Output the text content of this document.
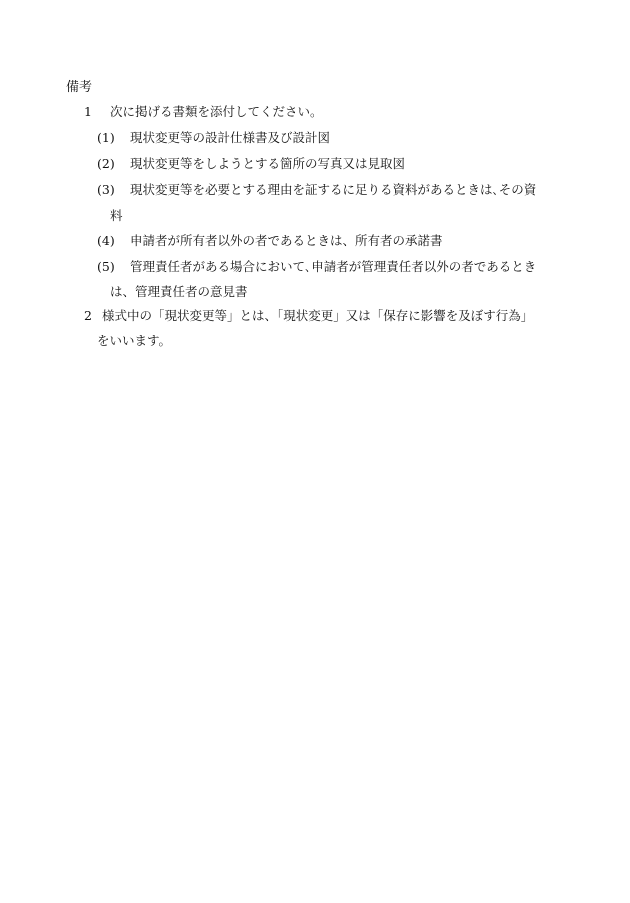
備考
1 次に掲げる書類を添付してください。
(1) 現状変更等の設計仕様書及び設計図
(2) 現状変更等をしようとする箇所の写真又は見取図
(3) 現状変更等を必要とする理由を証するに足りる資料があるときは､その資
料
(4) 申請者が所有者以外の者であるときは、所有者の承諾書
(5) 管理責任者がある場合において､申請者が管理責任者以外の者であるとき
は、管理責任者の意見書
2 様式中の「現状変更等」とは、「現状変更」又は「保存に影響を及ぼす行為」
をいいます。
